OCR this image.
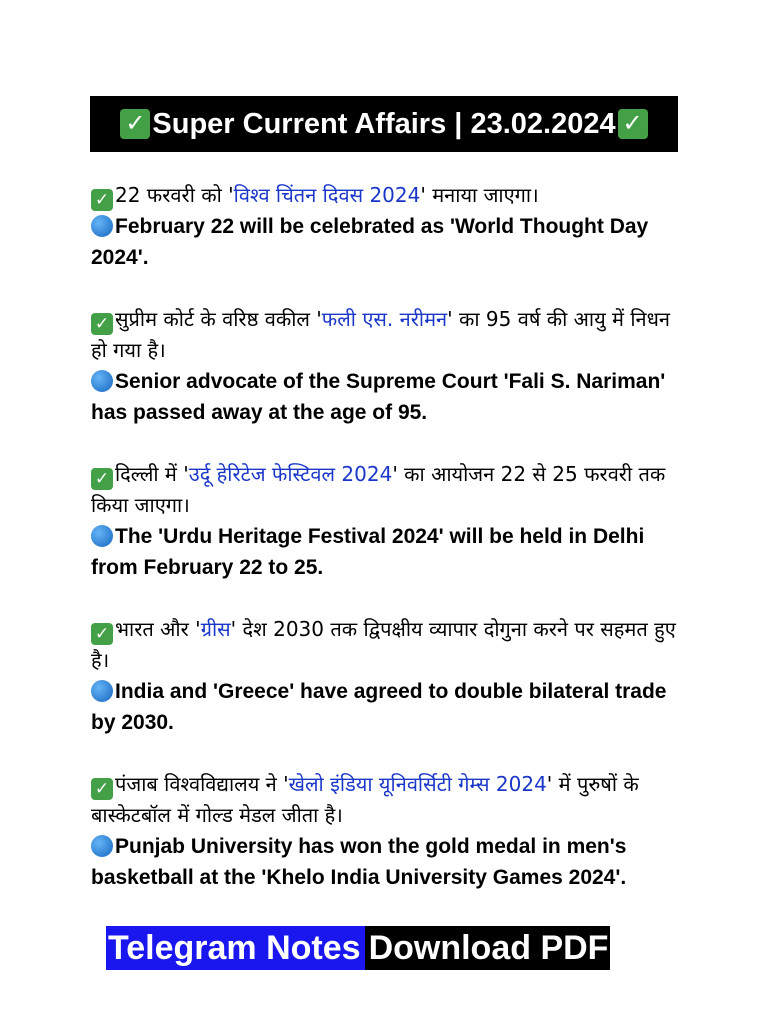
✓ Super Current Affairs | 23.02.2024 ✓
✓ 22 फरवरी को 'विश्व चिंतन दिवस 2024' मनाया जाएगा।
February 22 will be celebrated as 'World Thought Day 2024'.
✓ सुप्रीम कोर्ट के वरिष्ठ वकील 'फली एस. नरीमन' का 95 वर्ष की आयु में निधन हो गया है।
Senior advocate of the Supreme Court 'Fali S. Nariman' has passed away at the age of 95.
✓ दिल्ली में 'उर्दू हेरिटेज फेस्टिवल 2024' का आयोजन 22 से 25 फरवरी तक किया जाएगा।
The 'Urdu Heritage Festival 2024' will be held in Delhi from February 22 to 25.
✓ भारत और 'ग्रीस' देश 2030 तक द्विपक्षीय व्यापार दोगुना करने पर सहमत हुए है।
India and 'Greece' have agreed to double bilateral trade by 2030.
✓ पंजाब विश्वविद्यालय ने 'खेलो इंडिया यूनिवर्सिटी गेम्स 2024' में पुरुषों के बास्केटबॉल में गोल्ड मेडल जीता है।
Punjab University has won the gold medal in men's basketball at the 'Khelo India University Games 2024'.
Telegram Notes Download PDF
